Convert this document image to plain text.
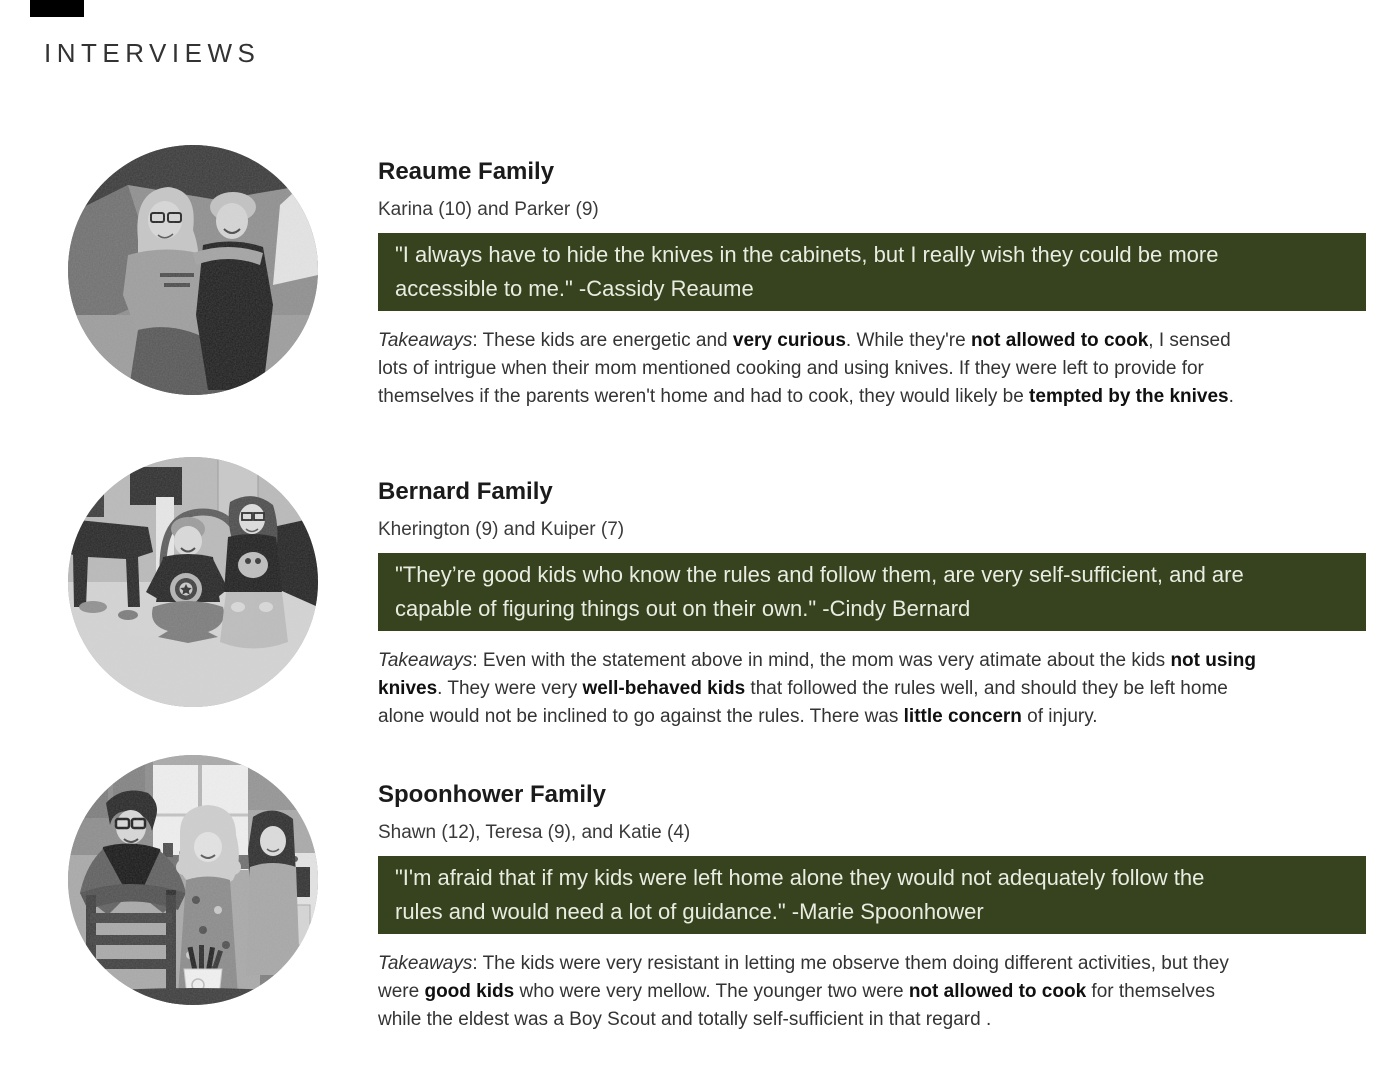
INTERVIEWS
Reaume Family
Karina (10) and Parker (9)
"I always have to hide the knives in the cabinets, but I really wish they could be more
accessible to me." -Cassidy Reaume
Takeaways: These kids are energetic and very curious. While they're not allowed to cook, I sensed
lots of intrigue when their mom mentioned cooking and using knives. If they were left to provide for
themselves if the parents weren't home and had to cook, they would likely be tempted by the knives.
Bernard Family
Kherington (9) and Kuiper (7)
"They’re good kids who know the rules and follow them, are very self-sufficient, and are
capable of figuring things out on their own." -Cindy Bernard
Takeaways: Even with the statement above in mind, the mom was very atimate about the kids not using
knives. They were very well-behaved kids that followed the rules well, and should they be left home
alone would not be inclined to go against the rules. There was little concern of injury.
Spoonhower Family
Shawn (12), Teresa (9), and Katie (4)
"I'm afraid that if my kids were left home alone they would not adequately follow the
rules and would need a lot of guidance." -Marie Spoonhower
Takeaways: The kids were very resistant in letting me observe them doing different activities, but they
were good kids who were very mellow. The younger two were not allowed to cook for themselves
while the eldest was a Boy Scout and totally self-sufficient in that regard .
